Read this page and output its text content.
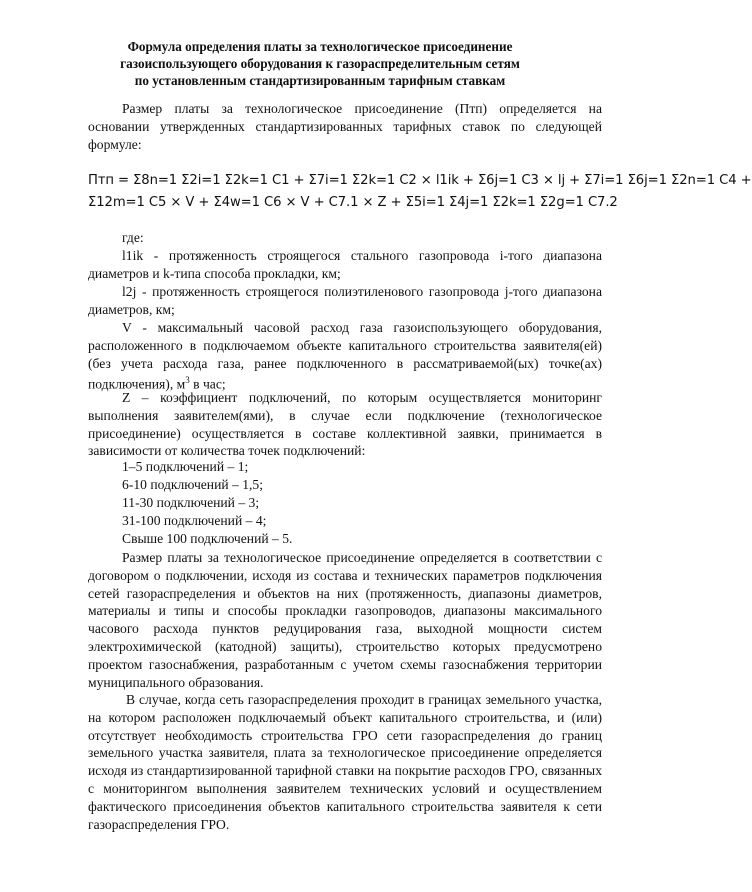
Формула определения платы за технологическое присоединение
газоиспользующего оборудования к газораспределительным сетям
по установленным стандартизированным тарифным ставкам
Размер платы за технологическое присоединение (Птп) определяется на основании утвержденных стандартизированных тарифных ставок по следующей формуле:
Птп = Σ8n=1 Σ2i=1 Σ2k=1 C1 + Σ7i=1 Σ2k=1 C2 × l1ik + Σ6j=1 C3 × lj + Σ7i=1 Σ6j=1 Σ2n=1 C4 +
Σ12m=1 C5 × V + Σ4w=1 C6 × V + C7.1 × Z + Σ5i=1 Σ4j=1 Σ2k=1 Σ2g=1 C7.2
где:
l1ik - протяженность строящегося стального газопровода i-того диапазона диаметров и k-типа способа прокладки, км;
l2j - протяженность строящегося полиэтиленового газопровода j-того диапазона диаметров, км;
V - максимальный часовой расход газа газоиспользующего оборудования, расположенного в подключаемом объекте капитального строительства заявителя(ей) (без учета расхода газа, ранее подключенного в рассматриваемой(ых) точке(ах) подключения), $м^3$ в час;
Z – коэффициент подключений, по которым осуществляется мониторинг выполнения заявителем(ями), в случае если подключение (технологическое присоединение) осуществляется в составе коллективной заявки, принимается в зависимости от количества точек подключений:
1–5 подключений – 1;
6-10 подключений – 1,5;
11-30 подключений – 3;
31-100 подключений – 4;
Свыше 100 подключений – 5.
Размер платы за технологическое присоединение определяется в соответствии с договором о подключении, исходя из состава и технических параметров подключения сетей газораспределения и объектов на них (протяженность, диапазоны диаметров, материалы и типы и способы прокладки газопроводов, диапазоны максимального часового расхода пунктов редуцирования газа, выходной мощности систем электрохимической (катодной) защиты), строительство которых предусмотрено проектом газоснабжения, разработанным с учетом схемы газоснабжения территории муниципального образования.
В случае, когда сеть газораспределения проходит в границах земельного участка, на котором расположен подключаемый объект капитального строительства, и (или) отсутствует необходимость строительства ГРО сети газораспределения до границ земельного участка заявителя, плата за технологическое присоединение определяется исходя из стандартизированной тарифной ставки на покрытие расходов ГРО, связанных с мониторингом выполнения заявителем технических условий и осуществлением фактического присоединения объектов капитального строительства заявителя к сети газораспределения ГРО.
